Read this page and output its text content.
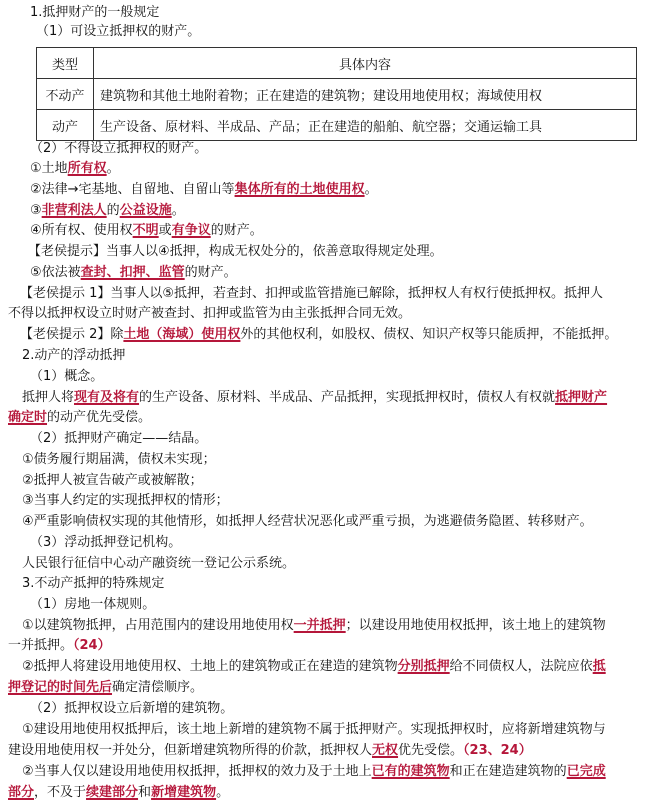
1.抵押财产的一般规定
（1）可设立抵押权的财产。
类型	具体内容
不动产	建筑物和其他土地附着物；正在建造的建筑物；建设用地使用权；海域使用权
动产	生产设备、原材料、半成品、产品；正在建造的船舶、航空器；交通运输工具
（2）不得设立抵押权的财产。
①土地所有权。
②法律→宅基地、自留地、自留山等集体所有的土地使用权。
③非营利法人的公益设施。
④所有权、使用权不明或有争议的财产。
【老侯提示】当事人以④抵押，构成无权处分的，依善意取得规定处理。
⑤依法被查封、扣押、监管的财产。
【老侯提示 1】当事人以⑤抵押，若查封、扣押或监管措施已解除，抵押权人有权行使抵押权。抵押人
不得以抵押权设立时财产被查封、扣押或监管为由主张抵押合同无效。
【老侯提示 2】除土地（海域）使用权外的其他权利，如股权、债权、知识产权等只能质押，不能抵押。
2.动产的浮动抵押
（1）概念。
抵押人将现有及将有的生产设备、原材料、半成品、产品抵押，实现抵押权时，债权人有权就抵押财产
确定时的动产优先受偿。
（2）抵押财产确定——结晶。
①债务履行期届满，债权未实现；
②抵押人被宣告破产或被解散；
③当事人约定的实现抵押权的情形；
④严重影响债权实现的其他情形，如抵押人经营状况恶化或严重亏损，为逃避债务隐匿、转移财产。
（3）浮动抵押登记机构。
人民银行征信中心动产融资统一登记公示系统。
3.不动产抵押的特殊规定
（1）房地一体规则。
①以建筑物抵押，占用范围内的建设用地使用权一并抵押；以建设用地使用权抵押，该土地上的建筑物
一并抵押。（24）
②抵押人将建设用地使用权、土地上的建筑物或正在建造的建筑物分别抵押给不同债权人，法院应依抵
押登记的时间先后确定清偿顺序。
（2）抵押权设立后新增的建筑物。
①建设用地使用权抵押后，该土地上新增的建筑物不属于抵押财产。实现抵押权时，应将新增建筑物与
建设用地使用权一并处分，但新增建筑物所得的价款，抵押权人无权优先受偿。（23、24）
②当事人仅以建设用地使用权抵押，抵押权的效力及于土地上已有的建筑物和正在建造建筑物的已完成
部分，不及于续建部分和新增建筑物。
